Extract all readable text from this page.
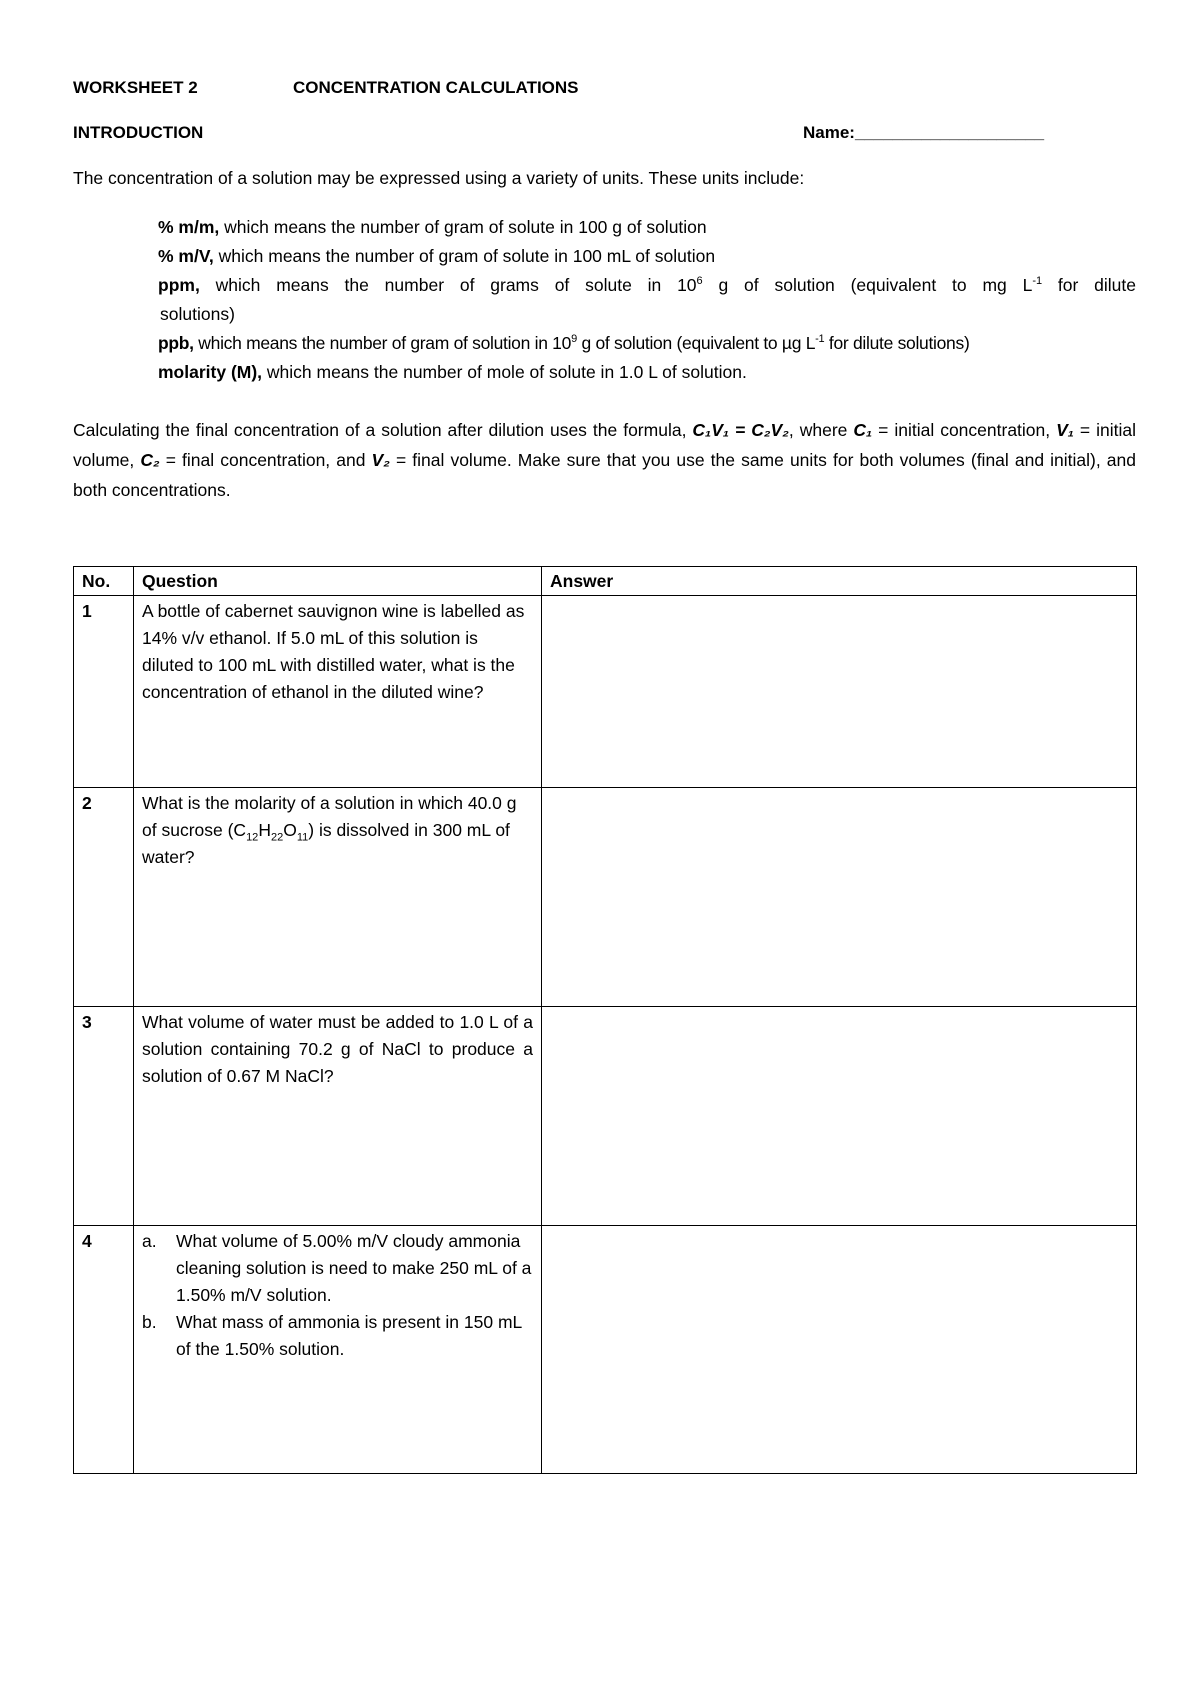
WORKSHEET 2	CONCENTRATION CALCULATIONS
INTRODUCTION	Name:____________________
The concentration of a solution may be expressed using a variety of units. These units include:
% m/m, which means the number of gram of solute in 100 g of solution
% m/V, which means the number of gram of solute in 100 mL of solution
ppm, which means the number of grams of solute in $10^6$ g of solution (equivalent to mg $L^{-1}$ for dilute
solutions)
ppb, which means the number of gram of solution in $10^9$ g of solution (equivalent to µg $L^{-1}$ for dilute solutions)
molarity (M), which means the number of mole of solute in 1.0 L of solution.
Calculating the final concentration of a solution after dilution uses the formula, C₁V₁ = C₂V₂, where C₁ = initial concentration, V₁ = initial volume, C₂ = final concentration, and V₂ = final volume. Make sure that you use the same units for both volumes (final and initial), and both concentrations.
No.	Question	Answer
1	A bottle of cabernet sauvignon wine is labelled as 14% v/v ethanol. If 5.0 mL of this solution is diluted to 100 mL with distilled water, what is the concentration of ethanol in the diluted wine?	
2	What is the molarity of a solution in which 40.0 g of sucrose $(C_{12}H_{22}O_{11})$ is dissolved in 300 mL of water?	
3	What volume of water must be added to 1.0 L of a solution containing 70.2 g of NaCl to produce a solution of 0.67 M NaCl?	
4	a. What volume of 5.00% m/V cloudy ammonia cleaning solution is need to make 250 mL of a 1.50% m/V solution.
b. What mass of ammonia is present in 150 mL of the 1.50% solution.	
